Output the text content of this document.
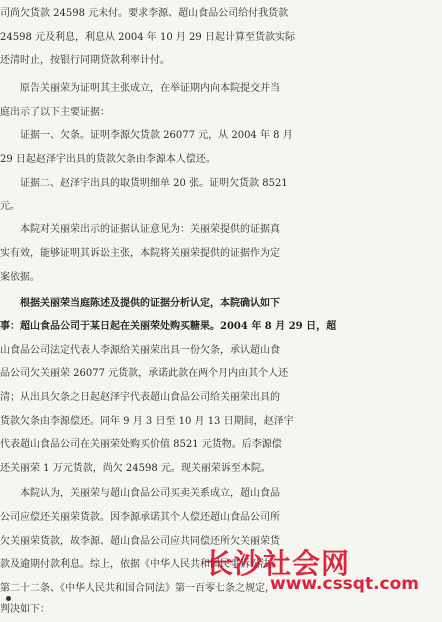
司尚欠货款 24598 元未付。要求李源、超山食品公司给付我货款
24598 元及利息，利息从 2004 年 10 月 29 日起计算至货款实际
还清时止，按银行同期贷款利率计付。
　　原告关丽荣为证明其主张成立，在举证期内向本院提交并当
庭出示了以下主要证据：
　　证据一、欠条。证明李源欠货款 26077 元，从 2004 年 8 月
29 日起赵泽宇出具的货款欠条由李源本人偿还。
　　证据二、赵泽宇出具的取货明细单 20 张。证明欠货款 8521
元。
　　本院对关丽荣出示的证据认证意见为：关丽荣提供的证据真
实有效，能够证明其诉讼主张，本院将关丽荣提供的证据作为定
案依据。
　　根据关丽荣当庭陈述及提供的证据分析认定，本院确认如下
事：超山食品公司于某日起在关丽荣处购买糖果。2004 年 8 月 29 日，超
山食品公司法定代表人李源给关丽荣出具一份欠条，承认超山食
品公司欠关丽荣 26077 元货款，承诺此款在两个月内由其个人还
清；从出具欠条之日起赵泽宇代表超山食品公司给关丽荣出具的
货款欠条由李源偿还。同年 9 月 3 日至 10 月 13 日期间，赵泽宇
代表超山食品公司在关丽荣处购买价值 8521 元货物。后李源偿
还关丽荣 1 万元货款，尚欠 24598 元。现关丽荣诉至本院。
　　本院认为，关丽荣与超山食品公司买卖关系成立，超山食品
公司应偿还关丽荣货款。因李源承诺其个人偿还超山食品公司所
欠关丽荣货款，故李源、超山食品公司应共同偿还所欠关丽荣货
款及逾期付款利息。综上，依据《中华人民共和国民事诉讼法》
第二十二条、《中华人民共和国合同法》第一百零七条之规定，
判决如下：
长沙社会网
www.cssqt.com
